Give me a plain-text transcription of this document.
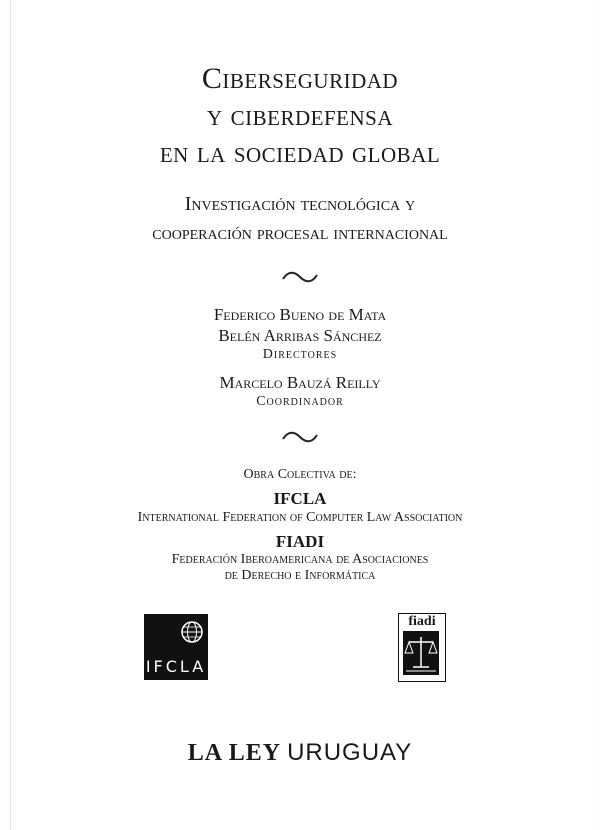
Ciberseguridad
y ciberdefensa
en la sociedad global
Investigación tecnológica y
cooperación procesal internacional
Federico Bueno de Mata
Belén Arribas Sánchez
Directores
Marcelo Bauzá Reilly
Coordinador
Obra Colectiva de:
IFCLA
International Federation of Computer Law Association
FIADI
Federación Iberoamericana de Asociaciones
de Derecho e Informática
IFCLA
fiadi
LA LEY URUGUAY
